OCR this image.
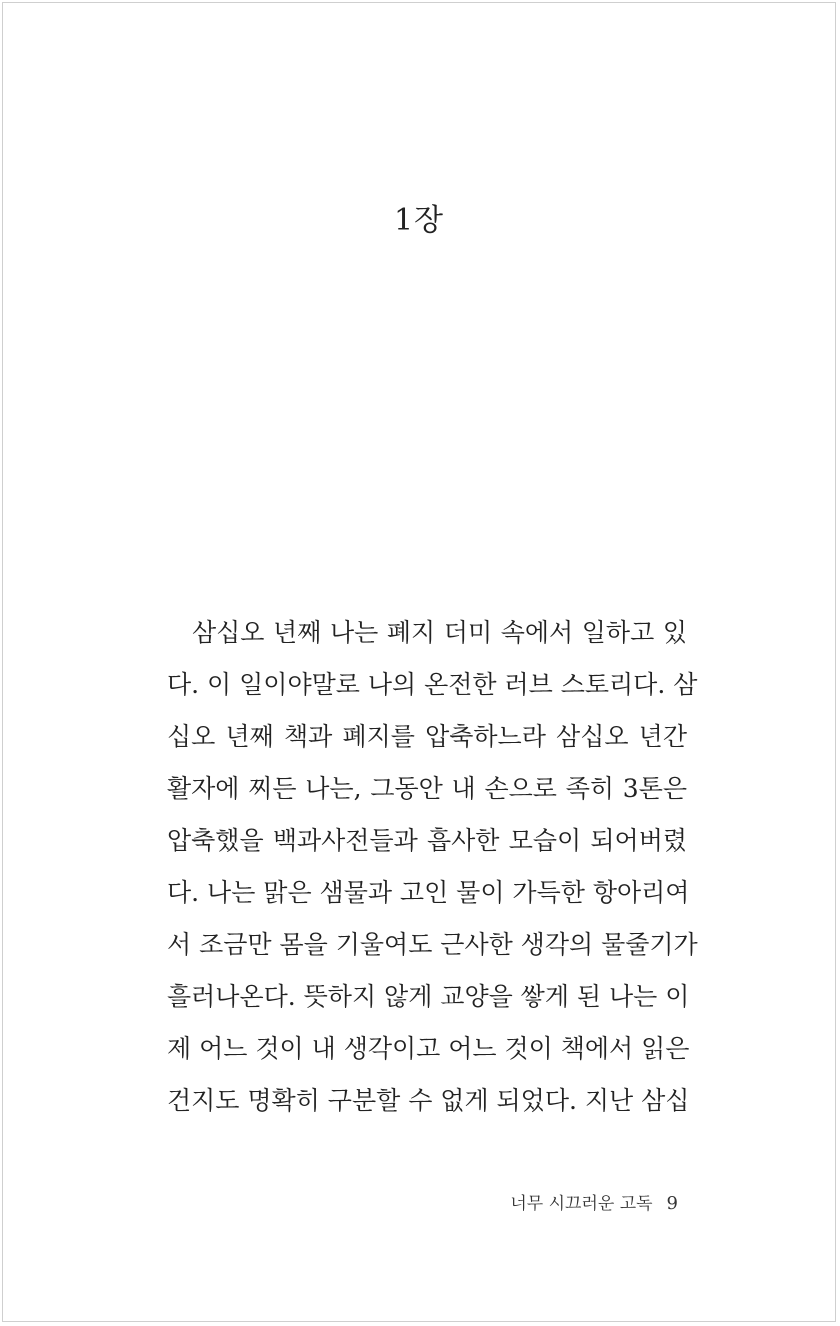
1장
삼십오 년째 나는 폐지 더미 속에서 일하고 있
다. 이 일이야말로 나의 온전한 러브 스토리다. 삼
십오 년째 책과 폐지를 압축하느라 삼십오 년간
활자에 찌든 나는, 그동안 내 손으로 족히 3톤은
압축했을 백과사전들과 흡사한 모습이 되어버렸
다. 나는 맑은 샘물과 고인 물이 가득한 항아리여
서 조금만 몸을 기울여도 근사한 생각의 물줄기가
흘러나온다. 뜻하지 않게 교양을 쌓게 된 나는 이
제 어느 것이 내 생각이고 어느 것이 책에서 읽은
건지도 명확히 구분할 수 없게 되었다. 지난 삼십
너무 시끄러운 고독 9
